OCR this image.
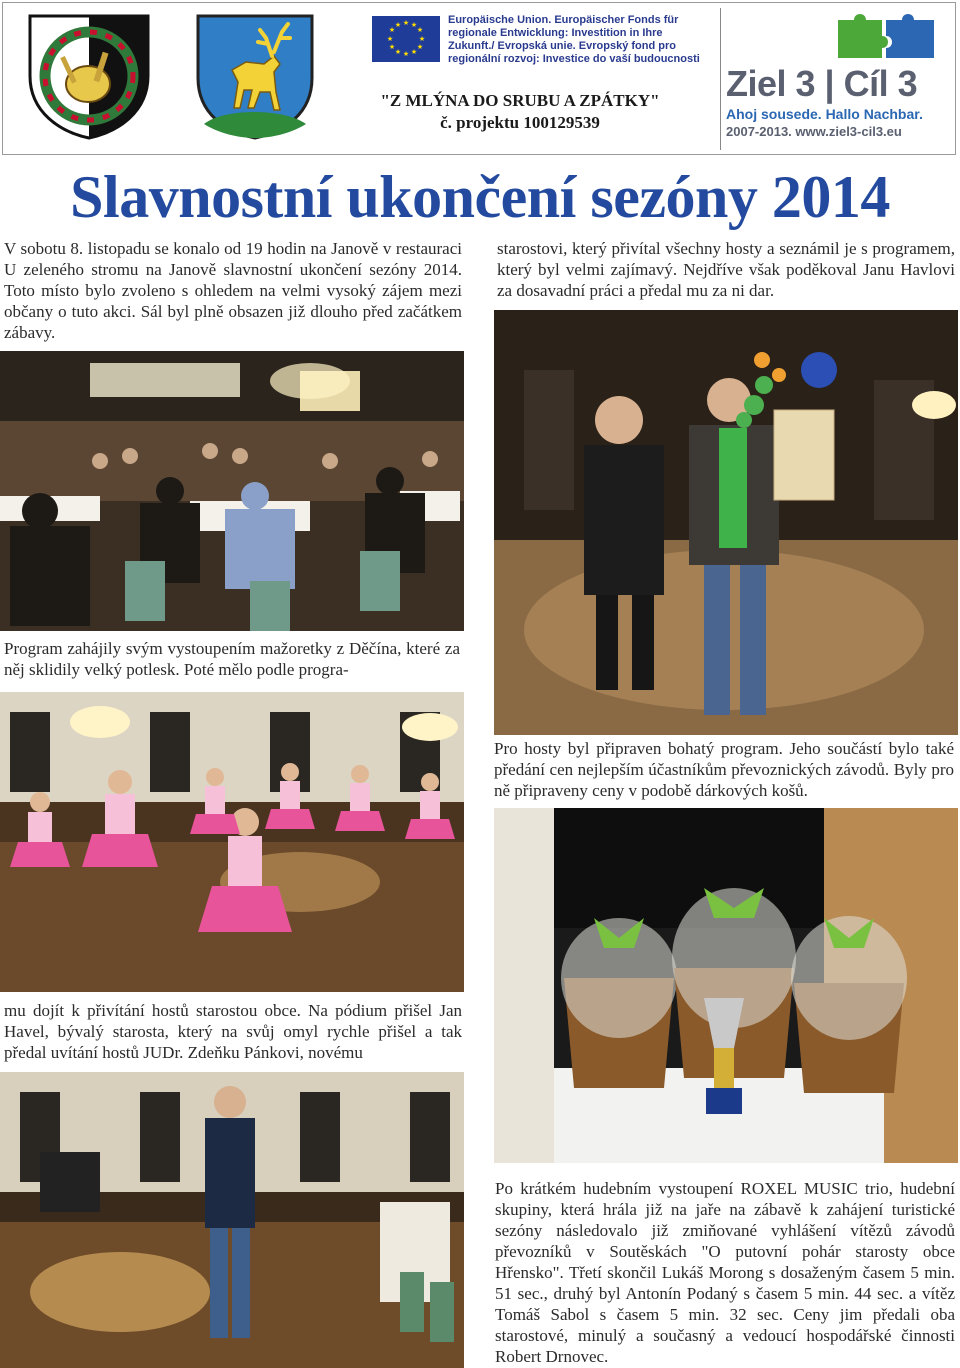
★ ★
★
★
★
★
★
★
★
★
★
★	Europäische Union. Europäischer Fonds für regionale Entwicklung: Investition in Ihre Zukunft./ Evropská unie. Evropský fond pro regionální rozvoj: Investice do vaší budoucnosti
"Z MLÝNA DO SRUBU A ZPÁTKY"
č. projektu 100129539
Ziel 3 | Cíl 3
Ahoj sousede. Hallo Nachbar.
2007-2013. www.ziel3-cil3.eu
Slavnostní ukončení sezóny 2014
V sobotu 8. listopadu se konalo od 19 hodin na Janově v restauraci U zeleného stromu na Janově slavnostní ukončení sezóny 2014. Toto místo bylo zvoleno s ohledem na velmi vysoký zájem mezi občany o tuto akci. Sál byl plně obsazen již dlouho před začátkem zábavy.
starostovi, který přivítal všechny hosty a seznámil je s programem, který byl velmi zajímavý. Nejdříve však poděkoval Janu Havlovi za dosavadní práci a předal mu za ni dar.
Program zahájily svým vystoupením mažoretky z Děčína, které za něj sklidily velký potlesk. Poté mělo podle progra-
Pro hosty byl připraven bohatý program. Jeho součástí bylo také předání cen nejlepším účastníkům převoznických závodů. Byly pro ně připraveny ceny v podobě dárkových košů.
mu dojít k přivítání hostů starostou obce. Na pódium přišel Jan Havel, bývalý starosta, který na svůj omyl rychle přišel a tak předal uvítání hostů JUDr. Zdeňku Pánkovi, novému
Po krátkém hudebním vystoupení ROXEL MUSIC trio, hudební skupiny, která hrála již na jaře na zábavě k zahájení turistické sezóny následovalo již zmiňované vyhlášení vítězů závodů převozníků v Soutěskách "O putovní pohár starosty obce Hřensko". Třetí skončil Lukáš Morong s dosaženým časem 5 min. 51 sec., druhý byl Antonín Podaný s časem 5 min. 44 sec. a vítěz Tomáš Sabol s časem 5 min. 32 sec. Ceny jim předali oba starostové, minulý a současný a vedoucí hospodářské činnosti Robert Drnovec.
